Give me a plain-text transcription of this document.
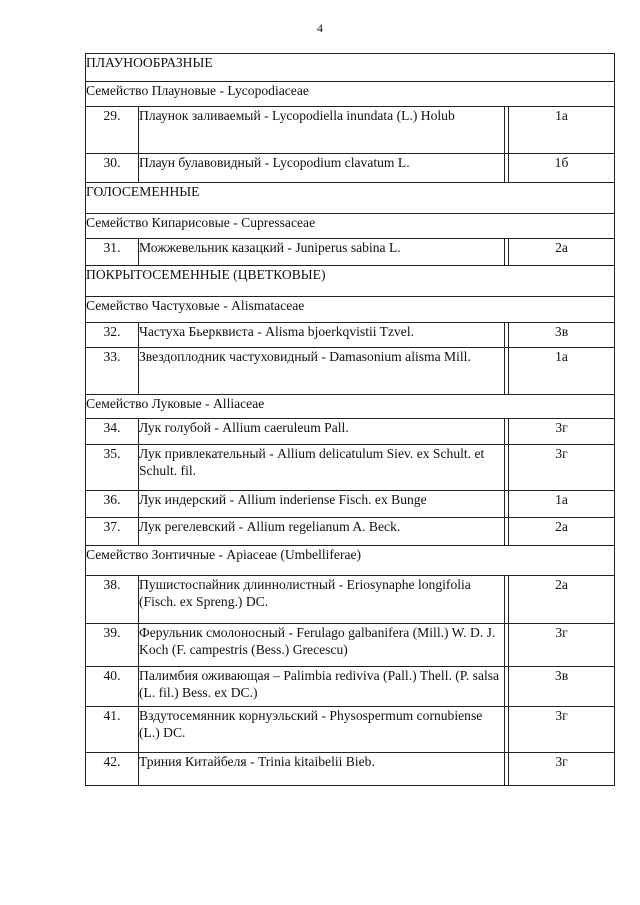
4
ПЛАУНООБРАЗНЫЕ			
Семейство Плауновые - Lycopodiaceae			
29.	Плаунок заливаемый - Lycopodiella inundata (L.) Holub		1а
30.	Плаун булавовидный - Lycopodium clavatum L.		1б
ГОЛОСЕМЕННЫЕ			
Семейство Кипарисовые - Cupressaceae			
31.	Можжевельник казацкий - Juniperus sabina L.		2а
ПОКРЫТОСЕМЕННЫЕ (ЦВЕТКОВЫЕ)			
Семейство Частуховые - Alismataceae			
32.	Частуха Бьерквиста - Alisma bjoerkqvistii Tzvel.		3в
33.	Звездоплодник частуховидный - Damasonium alisma Mill.		1а
Семейство Луковые - Alliaceae			
34.	Лук голубой - Allium caeruleum Pall.		3г
35.	Лук привлекательный - Allium delicatulum Siev. ex Schult. et Schult. fil.		3г
36.	Лук индерский - Allium inderiense Fisch. ex Bunge		1а
37.	Лук регелевский - Allium regelianum A. Beck.		2а
Семейство Зонтичные - Apiaceae (Umbelliferae)			
38.	Пушистоспайник длиннолистный - Eriosynaphe longifolia (Fisch. ex Spreng.) DC.		2а
39.	Ферульник смолоносный - Ferulago galbanifera (Mill.) W. D. J. Koch (F. campestris (Bess.) Grecescu)		3г
40.	Палимбия оживающая – Palimbia rediviva (Pall.) Thell. (P. salsa (L. fil.) Bess. ex DC.)		3в
41.	Вздутосемянник корнуэльский - Physospermum cornubiense (L.) DC.		3г
42.	Триния Китайбеля - Trinia kitaibelii Bieb.		3г
